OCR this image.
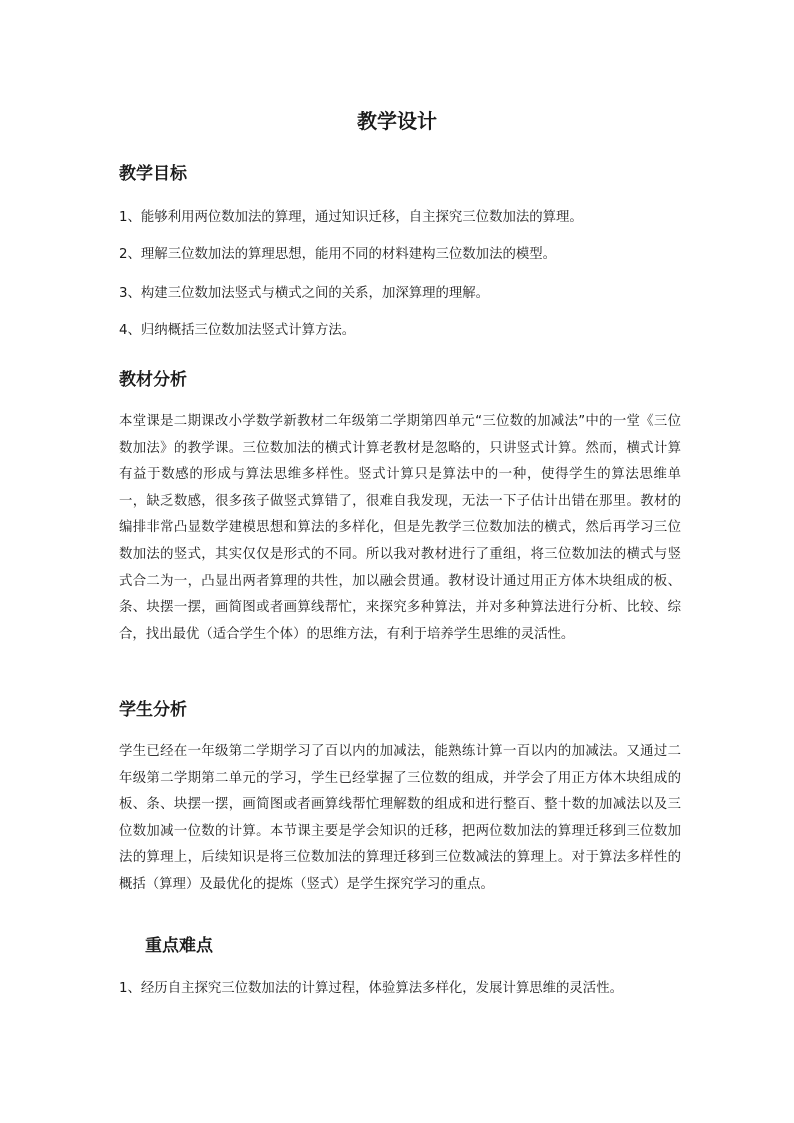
教学设计
教学目标
1、能够利用两位数加法的算理，通过知识迁移，自主探究三位数加法的算理。
2、理解三位数加法的算理思想，能用不同的材料建构三位数加法的模型。
3、构建三位数加法竖式与横式之间的关系，加深算理的理解。
4、归纳概括三位数加法竖式计算方法。
教材分析
本堂课是二期课改小学数学新教材二年级第二学期第四单元“三位数的加减法”中的一堂《三位数加法》的教学课。三位数加法的横式计算老教材是忽略的，只讲竖式计算。然而，横式计算有益于数感的形成与算法思维多样性。竖式计算只是算法中的一种，使得学生的算法思维单一，缺乏数感，很多孩子做竖式算错了，很难自我发现，无法一下子估计出错在那里。教材的编排非常凸显数学建模思想和算法的多样化，但是先教学三位数加法的横式，然后再学习三位数加法的竖式，其实仅仅是形式的不同。所以我对教材进行了重组，将三位数加法的横式与竖式合二为一，凸显出两者算理的共性，加以融会贯通。教材设计通过用正方体木块组成的板、条、块摆一摆，画简图或者画算线帮忙，来探究多种算法，并对多种算法进行分析、比较、综合，找出最优（适合学生个体）的思维方法，有利于培养学生思维的灵活性。
学生分析
学生已经在一年级第二学期学习了百以内的加减法，能熟练计算一百以内的加减法。又通过二年级第二学期第二单元的学习，学生已经掌握了三位数的组成，并学会了用正方体木块组成的板、条、块摆一摆，画简图或者画算线帮忙理解数的组成和进行整百、整十数的加减法以及三位数加减一位数的计算。本节课主要是学会知识的迁移，把两位数加法的算理迁移到三位数加法的算理上，后续知识是将三位数加法的算理迁移到三位数减法的算理上。对于算法多样性的概括（算理）及最优化的提炼（竖式）是学生探究学习的重点。
重点难点
1、经历自主探究三位数加法的计算过程，体验算法多样化，发展计算思维的灵活性。
